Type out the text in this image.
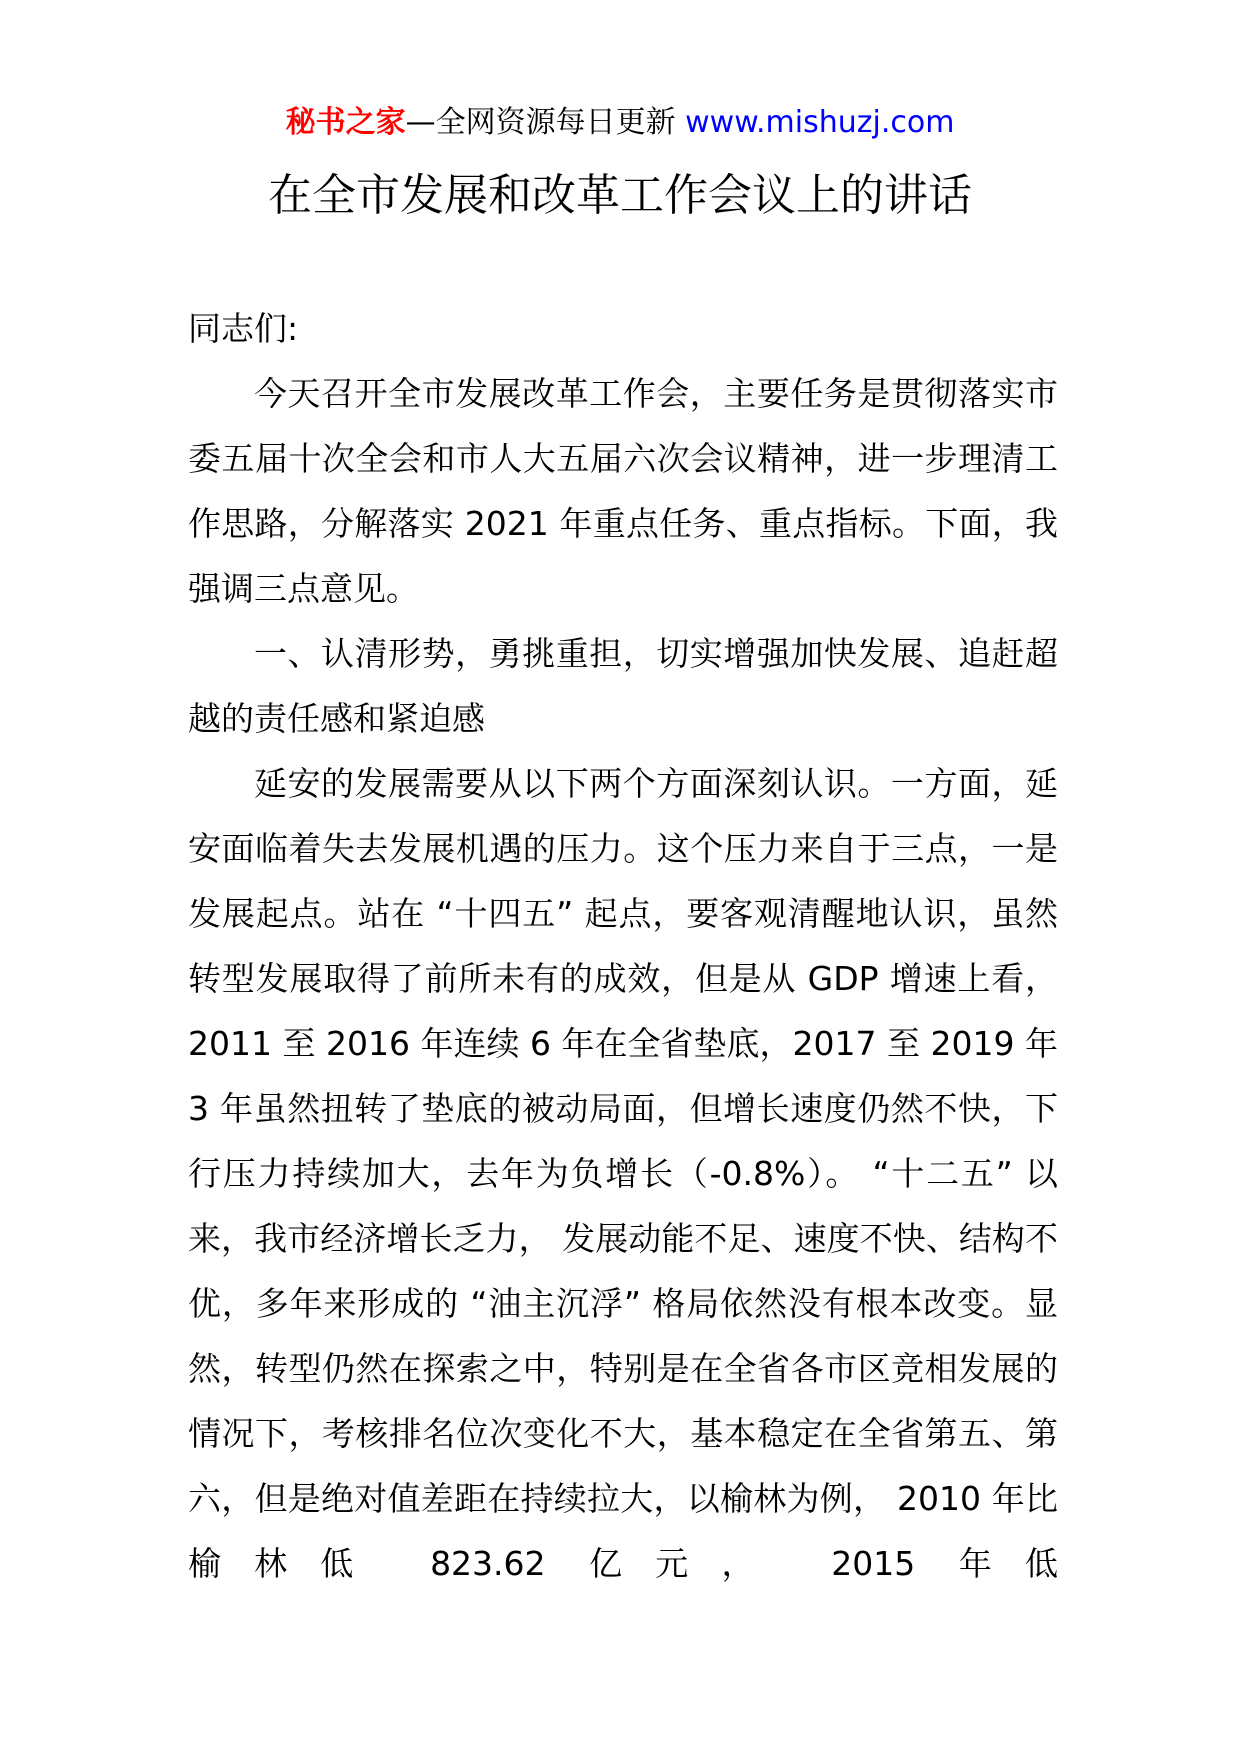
秘书之家—全网资源每日更新 www.mishuzj.com
在全市发展和改革工作会议上的讲话

同志们:

今天召开全市发展改革工作会，主要任务是贯彻落实市委五届十次全会和市人大五届六次会议精神，进一步理清工作思路，分解落实 2021 年重点任务、重点指标。下面，我强调三点意见。

一、认清形势，勇挑重担，切实增强加快发展、追赶超越的责任感和紧迫感

延安的发展需要从以下两个方面深刻认识。一方面，延安面临着失去发展机遇的压力。这个压力来自于三点，一是发展起点。站在 “十四五” 起点，要客观清醒地认识，虽然转型发展取得了前所未有的成效，但是从 GDP 增速上看，2011 至 2016 年连续 6 年在全省垫底，2017 至 2019 年 3 年虽然扭转了垫底的被动局面，但增长速度仍然不快，下行压力持续加大，去年为负增长（-0.8%）。 “十二五” 以来，我市经济增长乏力， 发展动能不足、速度不快、结构不优，多年来形成的 “油主沉浮” 格局依然没有根本改变。显然，转型仍然在探索之中，特别是在全省各市区竞相发展的情况下，考核排名位次变化不大，基本稳定在全省第五、第六，但是绝对值差距在持续拉大，以榆林为例， 2010 年比榆林低 823.62 亿元， 2015 年低
